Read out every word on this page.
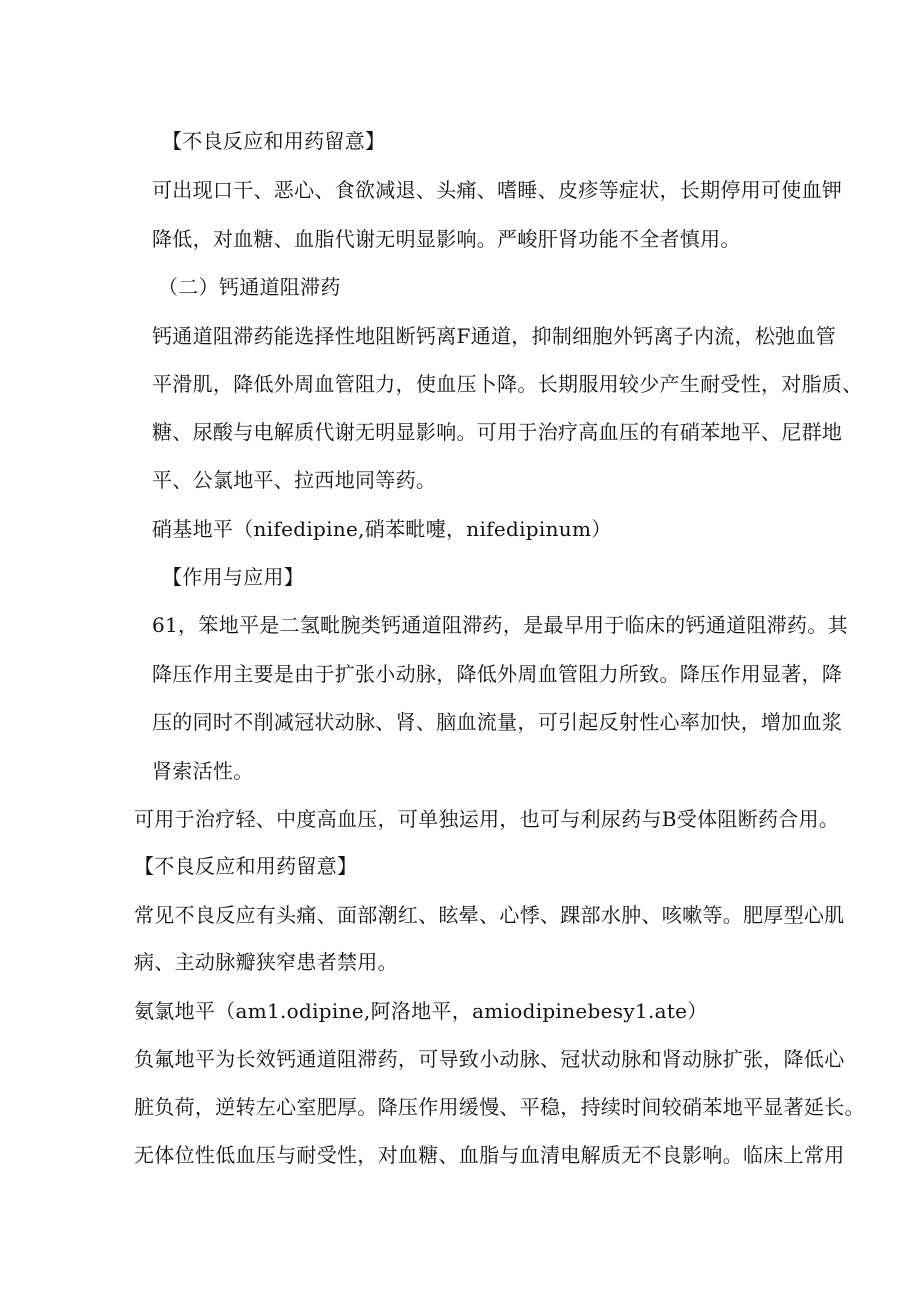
【不良反应和用药留意】
可出现口干、恶心、食欲减退、头痛、嗜睡、皮疹等症状，长期停用可使血钾
降低，对血糖、血脂代谢无明显影响。严峻肝肾功能不全者慎用。
（二）钙通道阻滞药
钙通道阻滞药能选择性地阻断钙离F通道，抑制细胞外钙离子内流，松弛血管
平滑肌，降低外周血管阻力，使血压卜降。长期服用较少产生耐受性，对脂质、
糖、尿酸与电解质代谢无明显影响。可用于治疗高血压的有硝苯地平、尼群地
平、公氯地平、拉西地同等药。
硝基地平（nifedipine,硝苯毗嚏，nifedipinum）
【作用与应用】
61，笨地平是二氢毗腕类钙通道阻滞药，是最早用于临床的钙通道阻滞药。其
降压作用主要是由于扩张小动脉，降低外周血管阻力所致。降压作用显著，降
压的同时不削减冠状动脉、肾、脑血流量，可引起反射性心率加快，增加血浆
肾索活性。
可用于治疗轻、中度高血压，可单独运用，也可与利尿药与B受体阻断药合用。
【不良反应和用药留意】
常见不良反应有头痛、面部潮红、眩晕、心悸、踝部水肿、咳嗽等。肥厚型心肌
病、主动脉瓣狭窄患者禁用。
氨氯地平（am1.odipine,阿洛地平，amiodipinebesy1.ate）
负氟地平为长效钙通道阻滞药，可导致小动脉、冠状动脉和肾动脉扩张，降低心
脏负荷，逆转左心室肥厚。降压作用缓慢、平稳，持续时间较硝苯地平显著延长。
无体位性低血压与耐受性，对血糖、血脂与血清电解质无不良影响。临床上常用
